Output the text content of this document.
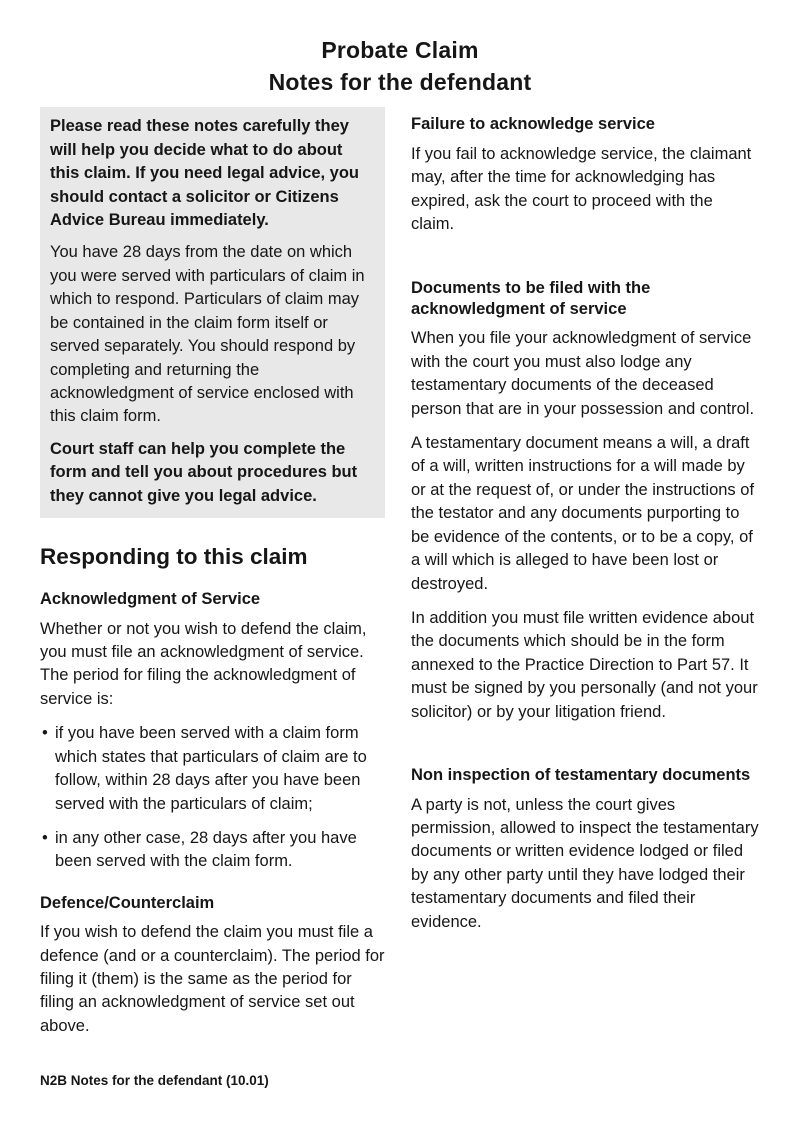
Probate Claim
Notes for the defendant

Please read these notes carefully they will help you decide what to do about this claim. If you need legal advice, you should contact a solicitor or Citizens Advice Bureau immediately.

You have 28 days from the date on which you were served with particulars of claim in which to respond. Particulars of claim may be contained in the claim form itself or served separately. You should respond by completing and returning the acknowledgment of service enclosed with this claim form.

Court staff can help you complete the form and tell you about procedures but they cannot give you legal advice.

Responding to this claim
Acknowledgment of Service

Whether or not you wish to defend the claim, you must file an acknowledgment of service. The period for filing the acknowledgment of service is:

• if you have been served with a claim form which states that particulars of claim are to follow, within 28 days after you have been served with the particulars of claim;
• in any other case, 28 days after you have been served with the claim form.
Defence/Counterclaim

If you wish to defend the claim you must file a defence (and or a counterclaim). The period for filing it (them) is the same as the period for filing an acknowledgment of service set out above.

Failure to acknowledge service

If you fail to acknowledge service, the claimant may, after the time for acknowledging has expired, ask the court to proceed with the claim.

Documents to be filed with the acknowledgment of service

When you file your acknowledgment of service with the court you must also lodge any testamentary documents of the deceased person that are in your possession and control.

A testamentary document means a will, a draft of a will, written instructions for a will made by or at the request of, or under the instructions of the testator and any documents purporting to be evidence of the contents, or to be a copy, of a will which is alleged to have been lost or destroyed.

In addition you must file written evidence about the documents which should be in the form annexed to the Practice Direction to Part 57. It must be signed by you personally (and not your solicitor) or by your litigation friend.

Non inspection of testamentary documents

A party is not, unless the court gives permission, allowed to inspect the testamentary documents or written evidence lodged or filed by any other party until they have lodged their testamentary documents and filed their evidence.

N2B Notes for the defendant (10.01)
